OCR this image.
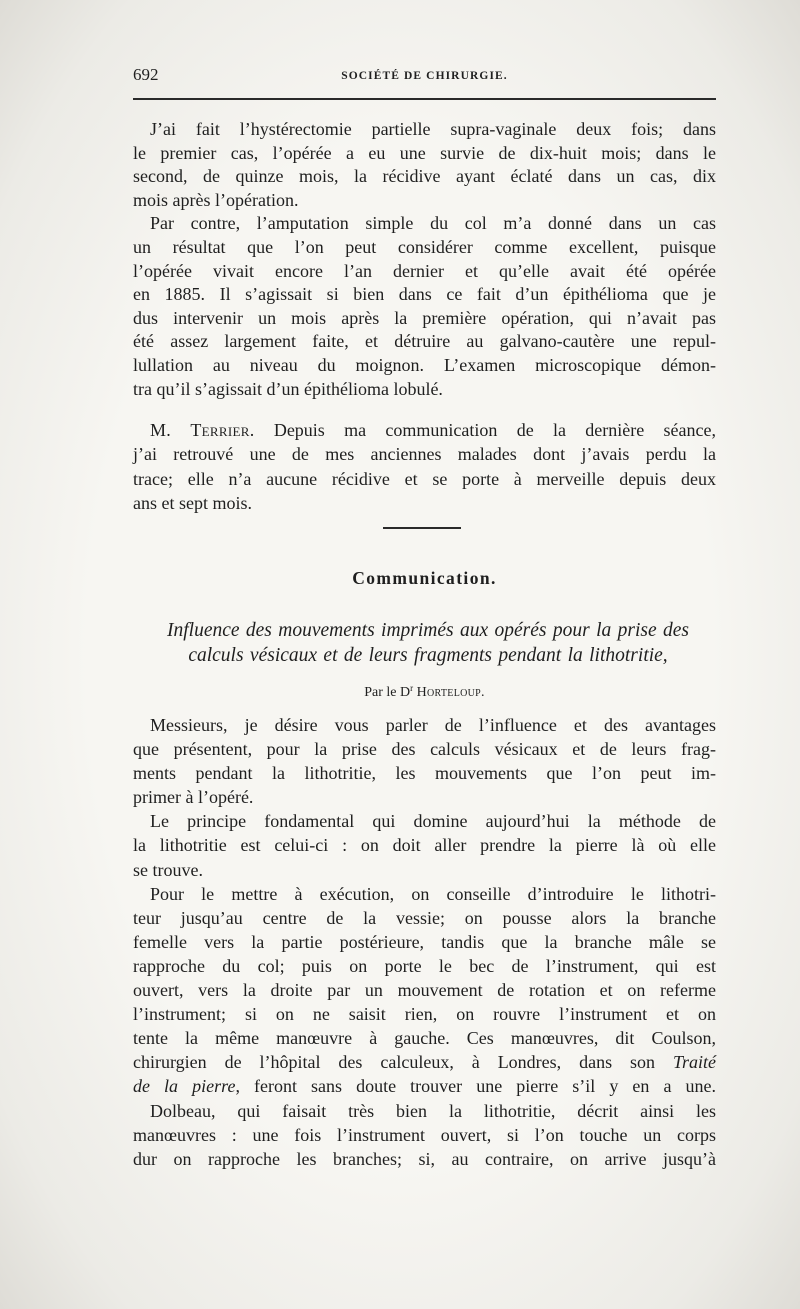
692	SOCIÉTÉ DE CHIRURGIE.
J’ai fait l’hystérectomie partielle supra-vaginale deux fois; dans
le premier cas, l’opérée a eu une survie de dix-huit mois; dans le
second, de quinze mois, la récidive ayant éclaté dans un cas, dix
mois après l’opération.
Par contre, l’amputation simple du col m’a donné dans un cas
un résultat que l’on peut considérer comme excellent, puisque
l’opérée vivait encore l’an dernier et qu’elle avait été opérée
en 1885. Il s’agissait si bien dans ce fait d’un épithélioma que je
dus intervenir un mois après la première opération, qui n’avait pas
été assez largement faite, et détruire au galvano-cautère une repul-
lullation au niveau du moignon. L’examen microscopique démon-
tra qu’il s’agissait d’un épithélioma lobulé.
M. Terrier. Depuis ma communication de la dernière séance,
j’ai retrouvé une de mes anciennes malades dont j’avais perdu la
trace; elle n’a aucune récidive et se porte à merveille depuis deux
ans et sept mois.
Communication.
Influence des mouvements imprimés aux opérés pour la prise des
calculs vésicaux et de leurs fragments pendant la lithotritie,
Par le $D^r$ Horteloup.
Messieurs, je désire vous parler de l’influence et des avantages
que présentent, pour la prise des calculs vésicaux et de leurs frag-
ments pendant la lithotritie, les mouvements que l’on peut im-
primer à l’opéré.
Le principe fondamental qui domine aujourd’hui la méthode de
la lithotritie est celui-ci : on doit aller prendre la pierre là où elle
se trouve.
Pour le mettre à exécution, on conseille d’introduire le lithotri-
teur jusqu’au centre de la vessie; on pousse alors la branche
femelle vers la partie postérieure, tandis que la branche mâle se
rapproche du col; puis on porte le bec de l’instrument, qui est
ouvert, vers la droite par un mouvement de rotation et on referme
l’instrument; si on ne saisit rien, on rouvre l’instrument et on
tente la même manœuvre à gauche. Ces manœuvres, dit Coulson,
chirurgien de l’hôpital des calculeux, à Londres, dans son Traité
de la pierre, feront sans doute trouver une pierre s’il y en a une.
Dolbeau, qui faisait très bien la lithotritie, décrit ainsi les
manœuvres : une fois l’instrument ouvert, si l’on touche un corps
dur on rapproche les branches; si, au contraire, on arrive jusqu’à
